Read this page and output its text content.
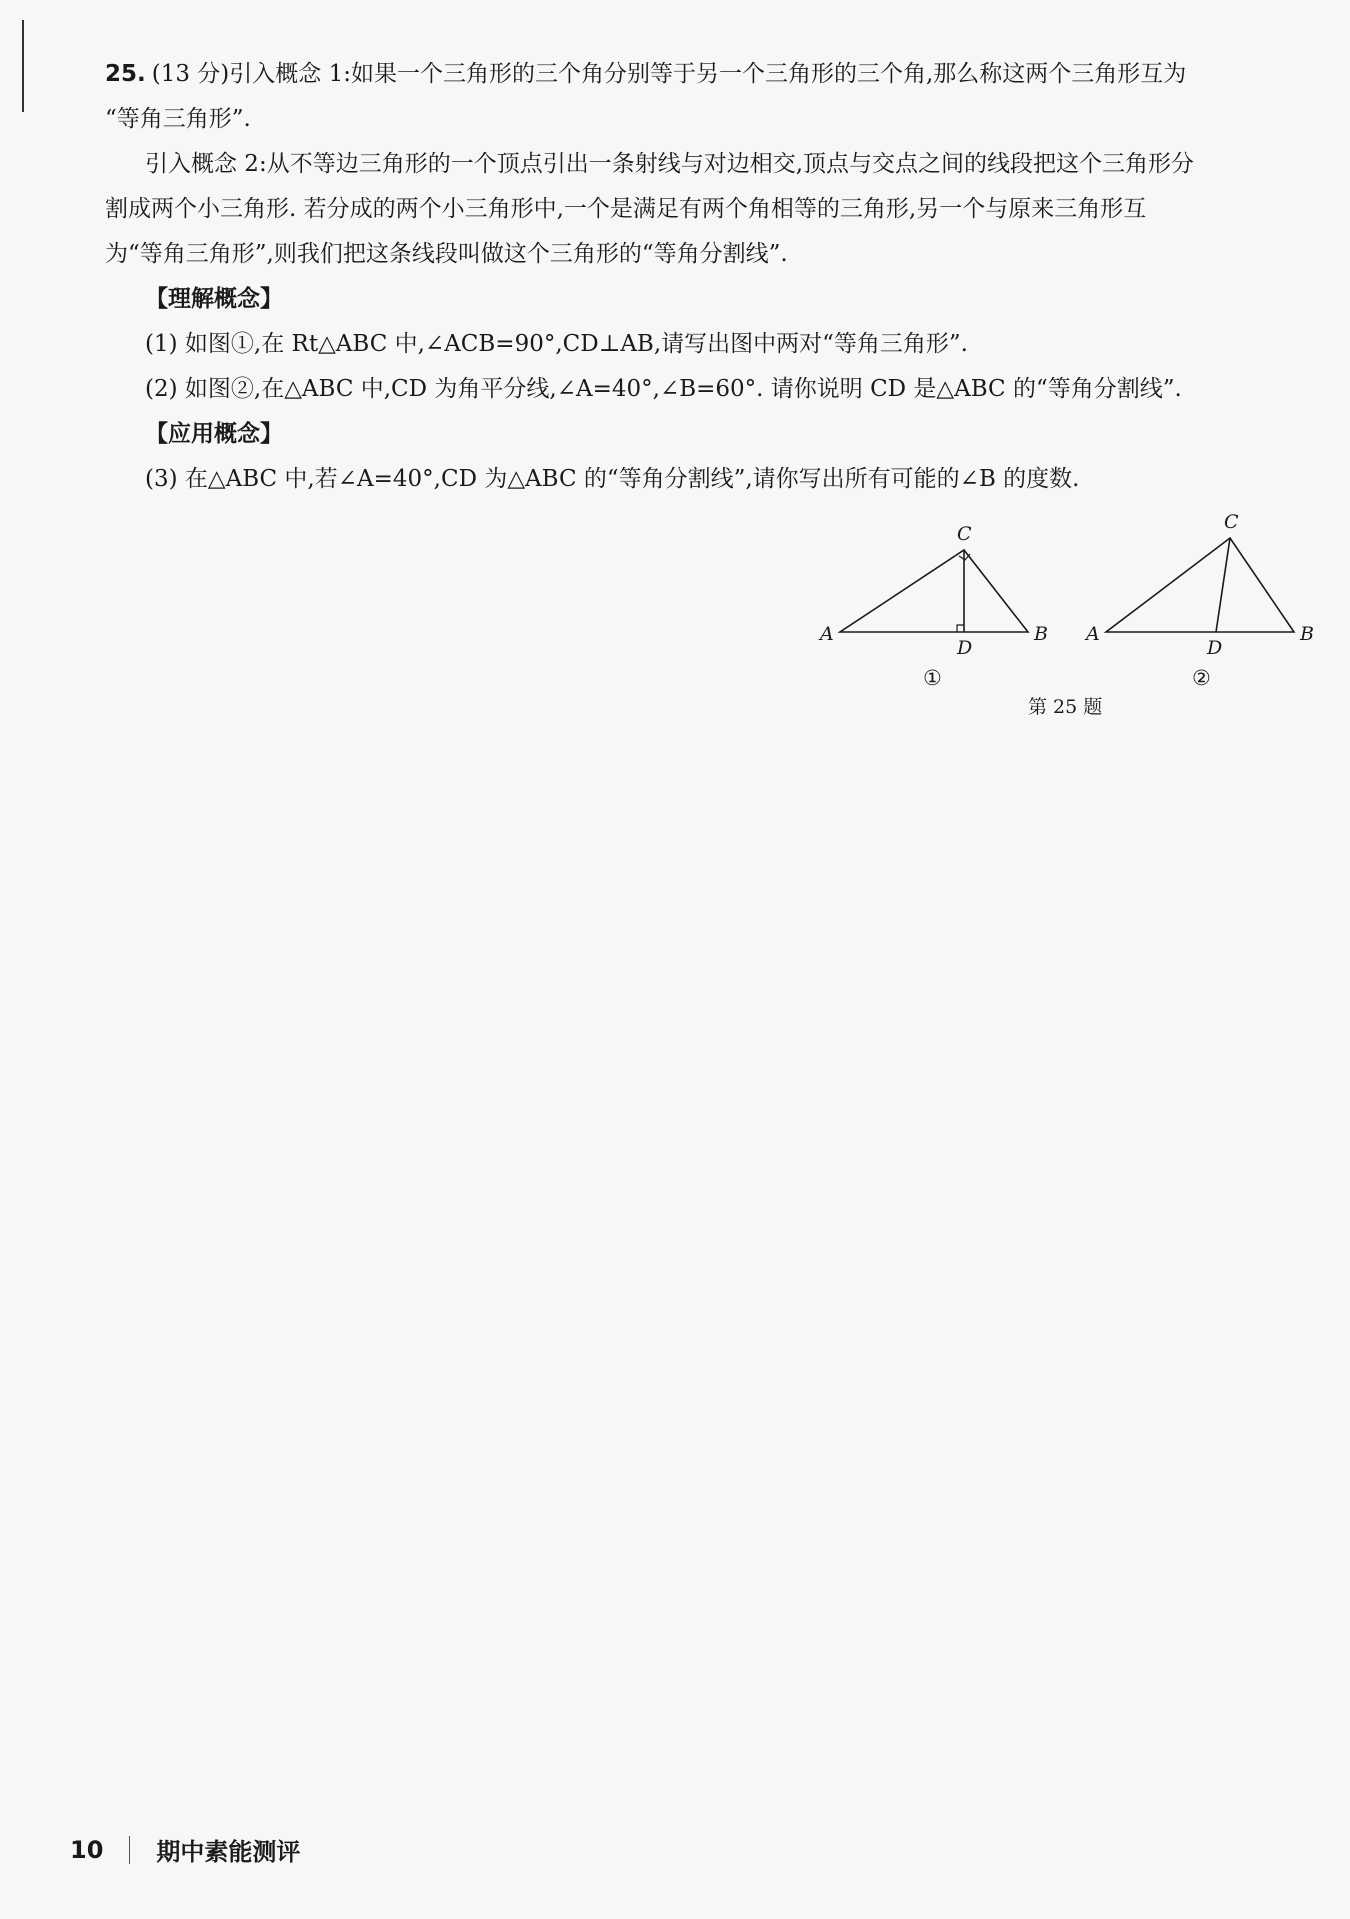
25. (13 分)引入概念 1:如果一个三角形的三个角分别等于另一个三角形的三个角,那么称这两个三角形互为
“等角三角形”.
引入概念 2:从不等边三角形的一个顶点引出一条射线与对边相交,顶点与交点之间的线段把这个三角形分
割成两个小三角形. 若分成的两个小三角形中,一个是满足有两个角相等的三角形,另一个与原来三角形互
为“等角三角形”,则我们把这条线段叫做这个三角形的“等角分割线”.
【理解概念】
(1) 如图①,在 Rt△ABC 中,∠ACB=90°,CD⊥AB,请写出图中两对“等角三角形”.
(2) 如图②,在△ABC 中,CD 为角平分线,∠A=40°,∠B=60°. 请你说明 CD 是△ABC 的“等角分割线”.
【应用概念】
(3) 在△ABC 中,若∠A=40°,CD 为△ABC 的“等角分割线”,请你写出所有可能的∠B 的度数.
A	B
C
D
①
A	B
C
D
②
第 25 题
10 期中素能测评
